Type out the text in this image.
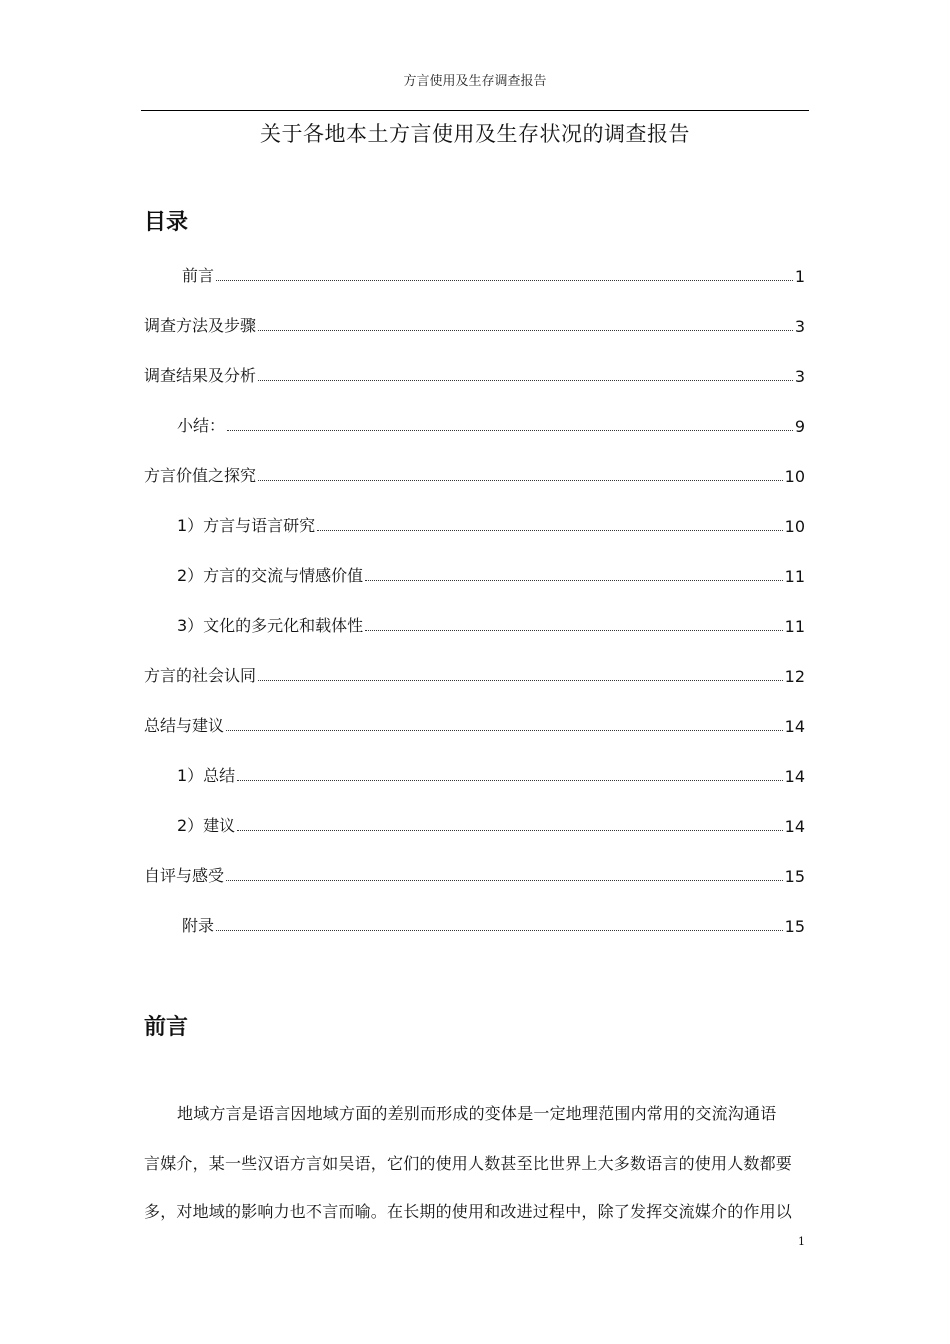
方言使用及生存调查报告
关于各地本土方言使用及生存状况的调查报告
目录
前言	1
调查方法及步骤	3
调查结果及分析	3
小结：	9
方言价值之探究	10
1）方言与语言研究	10
2）方言的交流与情感价值	11
3）文化的多元化和载体性	11
方言的社会认同	12
总结与建议	14
1）总结	14
2）建议	14
自评与感受	15
附录	15
前言
地域方言是语言因地域方面的差别而形成的变体是一定地理范围内常用的交流沟通语
言媒介，某一些汉语方言如吴语，它们的使用人数甚至比世界上大多数语言的使用人数都要
多，对地域的影响力也不言而喻。在长期的使用和改进过程中，除了发挥交流媒介的作用以
1
